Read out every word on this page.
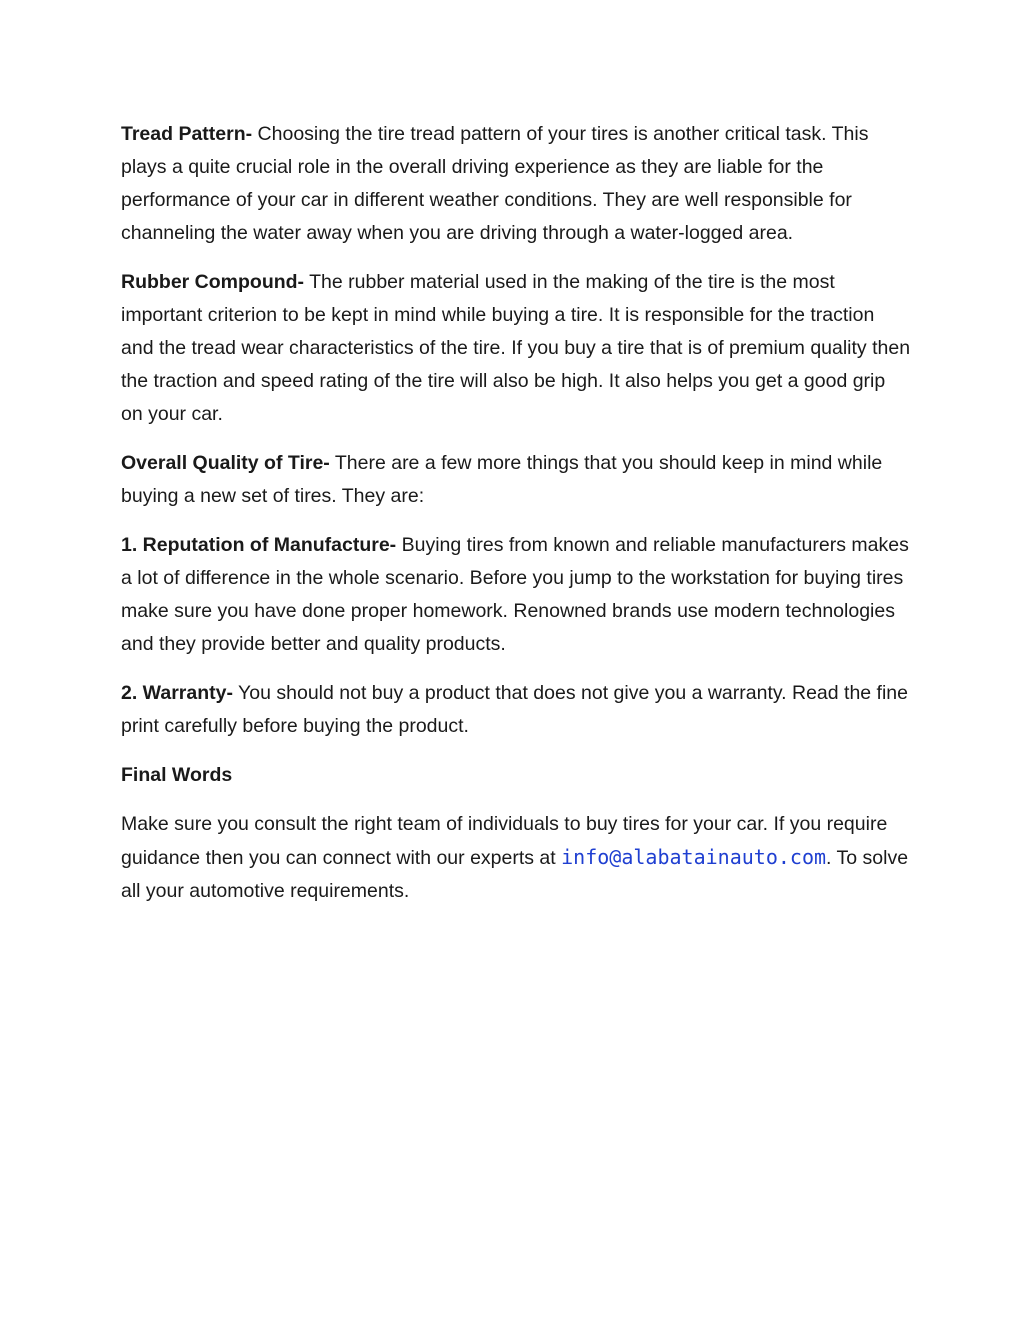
Tread Pattern- Choosing the tire tread pattern of your tires is another critical task. This plays a quite crucial role in the overall driving experience as they are liable for the performance of your car in different weather conditions. They are well responsible for channeling the water away when you are driving through a water-logged area.

Rubber Compound- The rubber material used in the making of the tire is the most important criterion to be kept in mind while buying a tire. It is responsible for the traction and the tread wear characteristics of the tire. If you buy a tire that is of premium quality then the traction and speed rating of the tire will also be high. It also helps you get a good grip on your car.

Overall Quality of Tire- There are a few more things that you should keep in mind while buying a new set of tires. They are:

1. Reputation of Manufacture- Buying tires from known and reliable manufacturers makes a lot of difference in the whole scenario. Before you jump to the workstation for buying tires make sure you have done proper homework. Renowned brands use modern technologies and they provide better and quality products.

2. Warranty- You should not buy a product that does not give you a warranty. Read the fine print carefully before buying the product.

Final Words

Make sure you consult the right team of individuals to buy tires for your car. If you require guidance then you can connect with our experts at info@alabatainauto.com. To solve all your automotive requirements.
